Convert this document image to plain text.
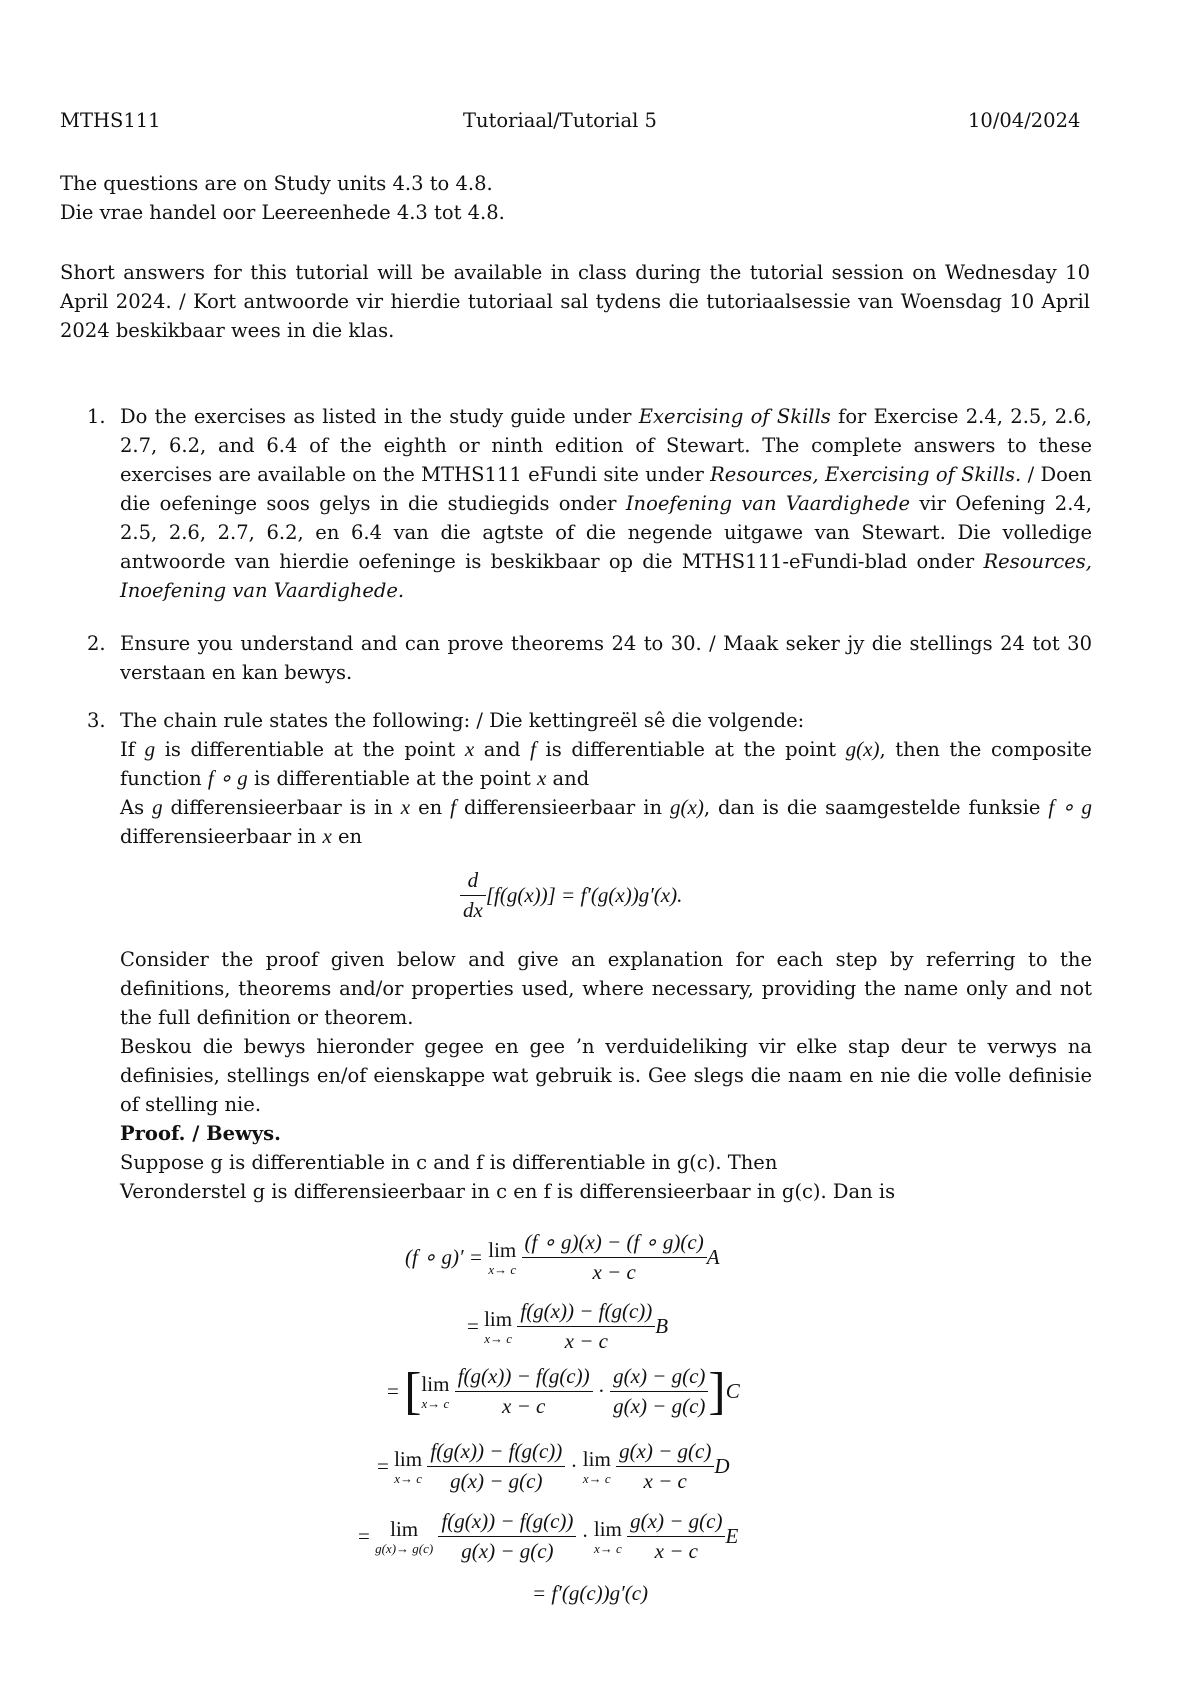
MTHS111	Tutoriaal/Tutorial 5	10/04/2024
The questions are on Study units 4.3 to 4.8.
Die vrae handel oor Leereenhede 4.3 tot 4.8.
Short answers for this tutorial will be available in class during the tutorial session on Wednesday 10 April 2024. / Kort antwoorde vir hierdie tutoriaal sal tydens die tutoriaalsessie van Woensdag 10 April 2024 beskikbaar wees in die klas.
1. Do the exercises as listed in the study guide under Exercising of Skills for Exercise 2.4, 2.5, 2.6, 2.7, 6.2, and 6.4 of the eighth or ninth edition of Stewart. The complete answers to these exercises are available on the MTHS111 eFundi site under Resources, Exercising of Skills. / Doen die oefeninge soos gelys in die studiegids onder Inoefening van Vaardighede vir Oefening 2.4, 2.5, 2.6, 2.7, 6.2, en 6.4 van die agtste of die negende uitgawe van Stewart. Die volledige antwoorde van hierdie oefeninge is beskikbaar op die MTHS111-eFundi-blad onder Resources, Inoefening van Vaardighede.
2. Ensure you understand and can prove theorems 24 to 30. / Maak seker jy die stellings 24 tot 30 verstaan en kan bewys.
3. The chain rule states the following: / Die kettingreël sê die volgende:
If g is differentiable at the point x and f is differentiable at the point g(x), then the composite function f ∘ g is differentiable at the point x and
As g differensieerbaar is in x en f differensieerbaar in g(x), dan is die saamgestelde funksie f ∘ g differensieerbaar in x en
$\frac{d}{dx} [f(g(x))] = f'(g(x))g'(x)$.
Consider the proof given below and give an explanation for each step by referring to the definitions, theorems and/or properties used, where necessary, providing the name only and not the full definition or theorem.
Beskou die bewys hieronder gegee en gee ’n verduideliking vir elke stap deur te verwys na definisies, stellings en/of eienskappe wat gebruik is. Gee slegs die naam en nie die volle definisie of stelling nie.
Proof. / Bewys.
Suppose g is differentiable in c and f is differentiable in g(c). Then
Veronderstel g is differensieerbaar in c en f is differensieerbaar in g(c). Dan is
(f ∘ g)′ = lim
x→ c
$\frac{(f \circ g)(x) - (f \circ g)(c)}{x - c}$ A
= lim
x→ c
$\frac{f(g(x)) - f(g(c))}{x - c}$ B
= [ lim
x→ c
$\frac{f(g(x)) - f(g(c))}{x - c} \cdot \frac{g(x) - g(c)}{g(x) - g(c)} ]C$
= lim
x→ c
$\frac{f(g(x)) - f(g(c))}{g(x) - g(c)} \cdot \lim$
x→ c
$\frac{g(x) - g(c)}{x - c}$ D
= lim
g(x)→ g(c)
$\frac{f(g(x)) - f(g(c))}{g(x) - g(c)} \cdot \lim$
x→ c
$\frac{g(x) - g(c)}{x - c}$ E
= f′(g(c))g′(c)
